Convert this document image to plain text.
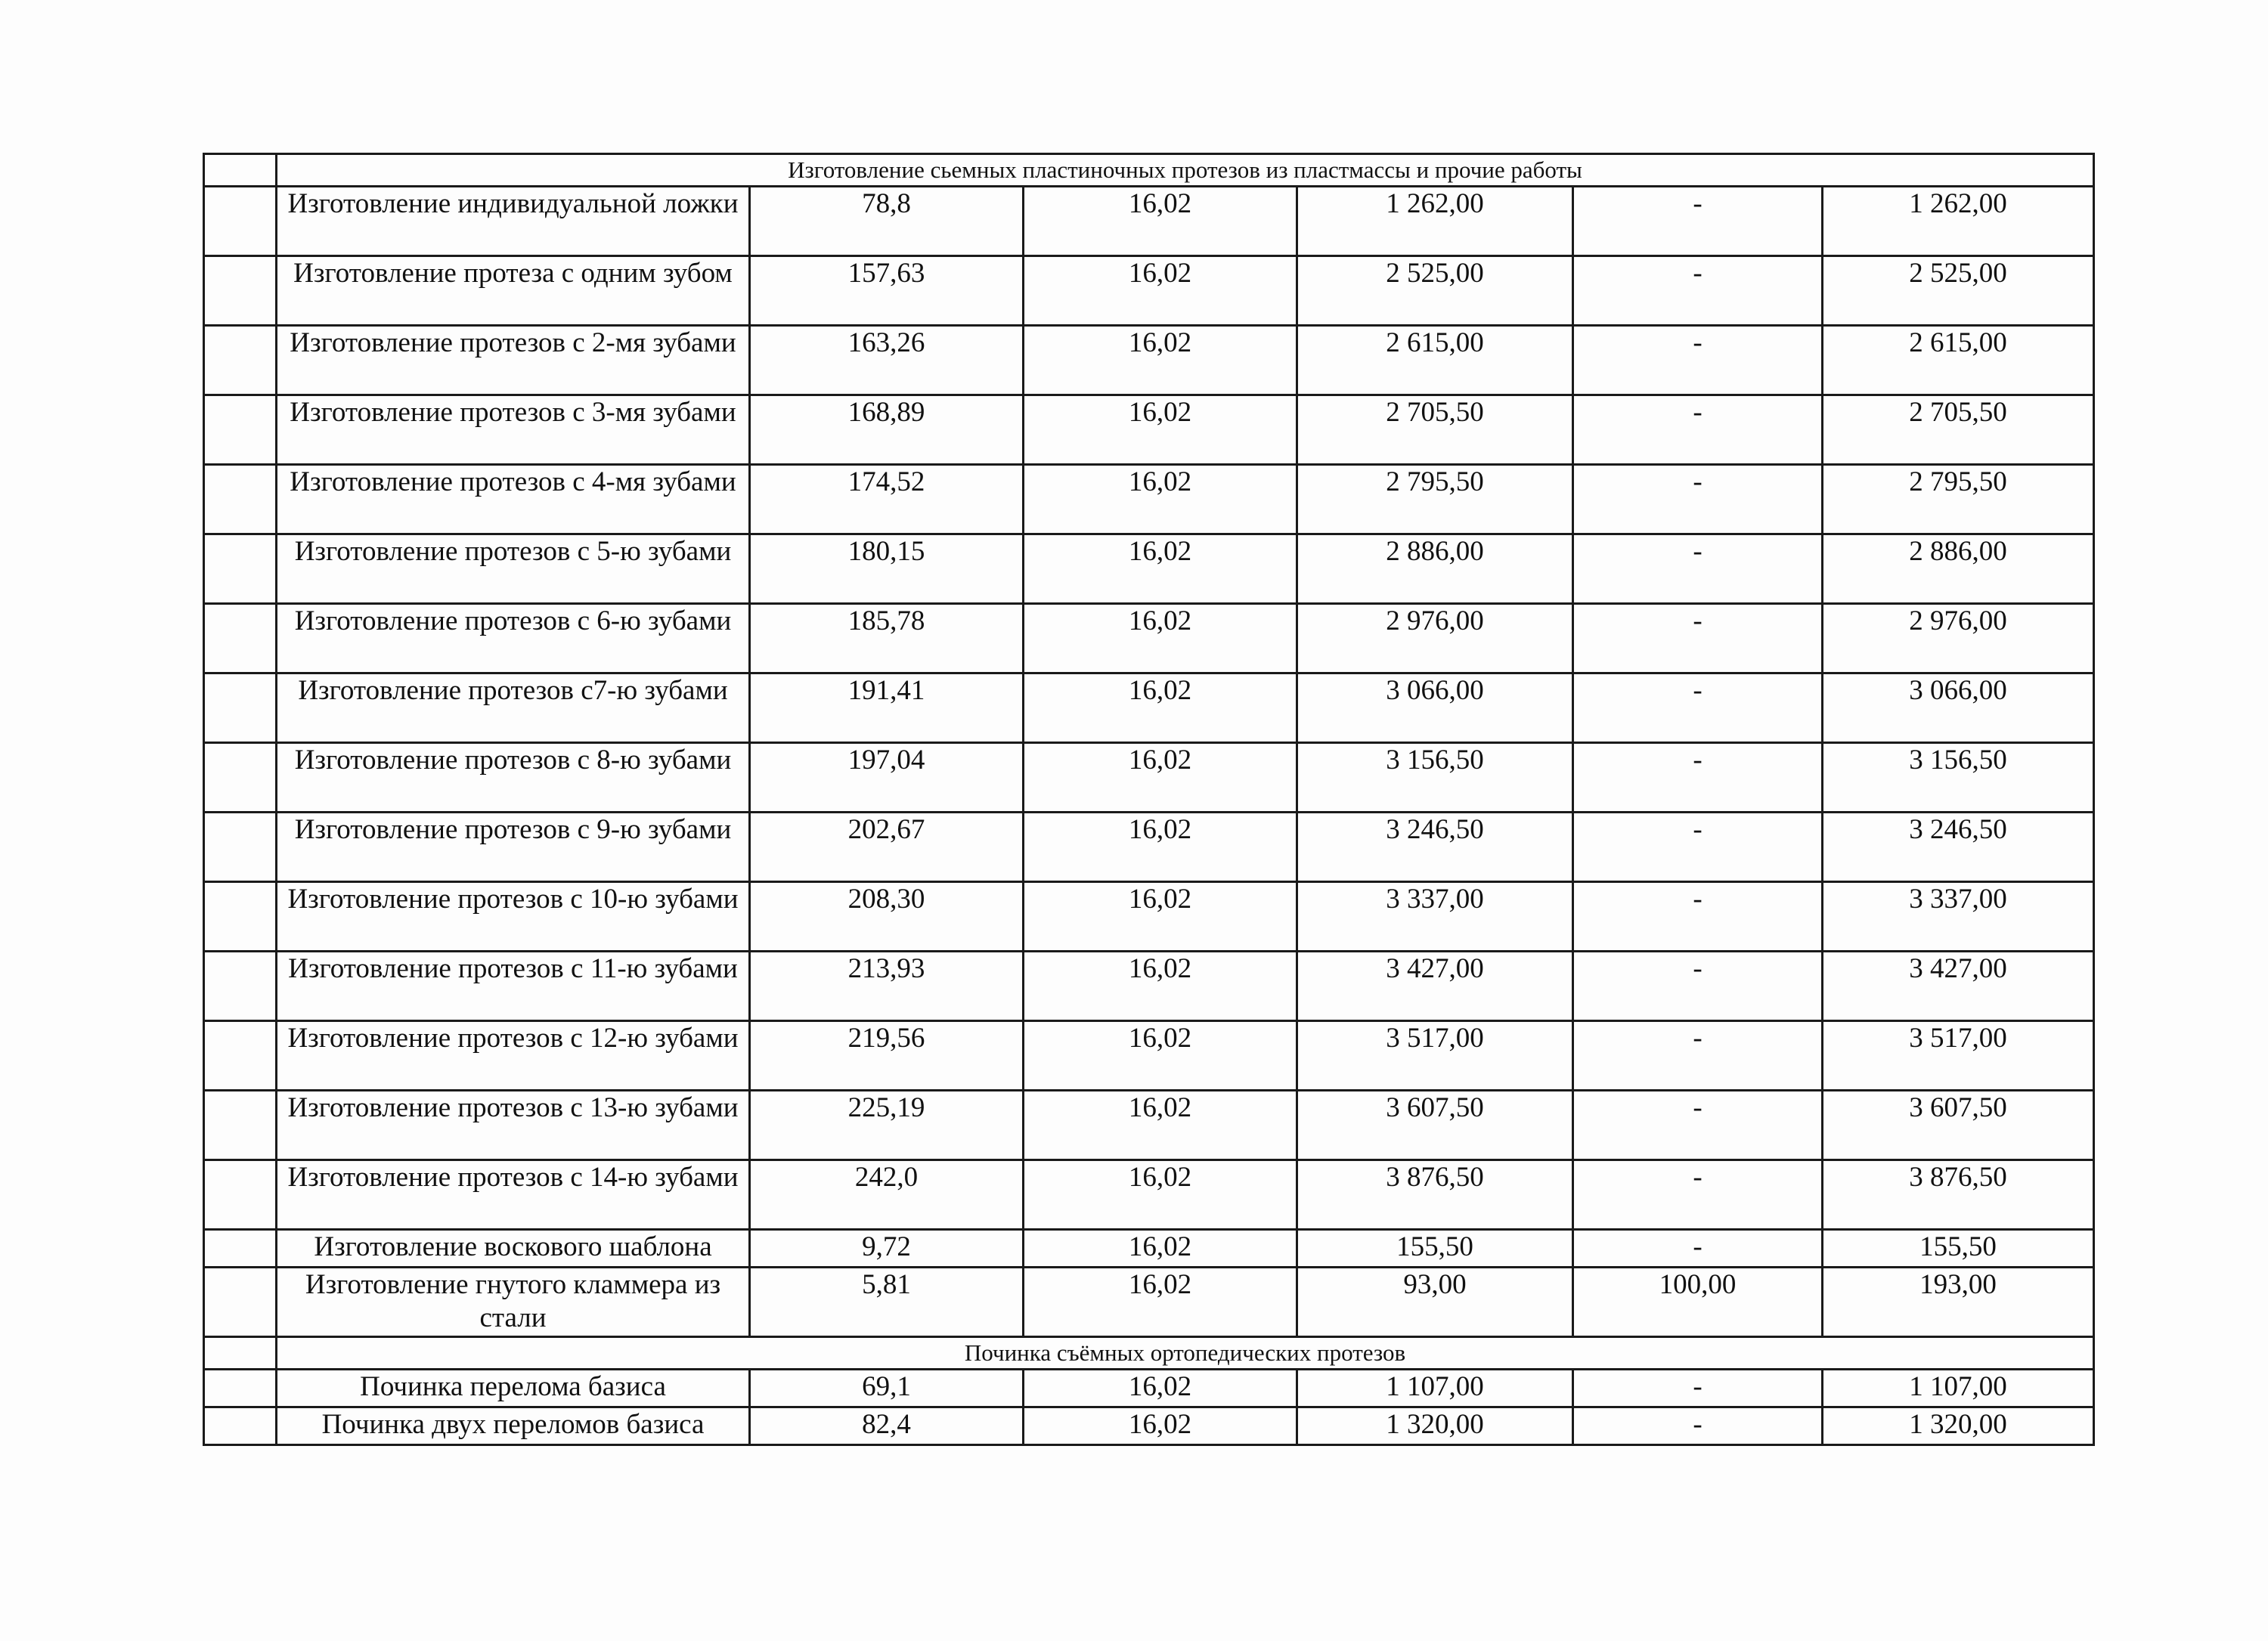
	Изготовление сьемных пластиночных протезов из пластмассы и прочие работы					
	Изготовление индивидуальной ложки	78,8	16,02	1 262,00	-	1 262,00
	Изготовление протеза с одним зубом	157,63	16,02	2 525,00	-	2 525,00
	Изготовление протезов с 2-мя зубами	163,26	16,02	2 615,00	-	2 615,00
	Изготовление протезов с 3-мя зубами	168,89	16,02	2 705,50	-	2 705,50
	Изготовление протезов с 4-мя зубами	174,52	16,02	2 795,50	-	2 795,50
	Изготовление протезов с 5-ю зубами	180,15	16,02	2 886,00	-	2 886,00
	Изготовление протезов с 6-ю зубами	185,78	16,02	2 976,00	-	2 976,00
	Изготовление протезов с7-ю зубами	191,41	16,02	3 066,00	-	3 066,00
	Изготовление протезов с 8-ю зубами	197,04	16,02	3 156,50	-	3 156,50
	Изготовление протезов с 9-ю зубами	202,67	16,02	3 246,50	-	3 246,50
	Изготовление протезов с 10-ю зубами	208,30	16,02	3 337,00	-	3 337,00
	Изготовление протезов с 11-ю зубами	213,93	16,02	3 427,00	-	3 427,00
	Изготовление протезов с 12-ю зубами	219,56	16,02	3 517,00	-	3 517,00
	Изготовление протезов с 13-ю зубами	225,19	16,02	3 607,50	-	3 607,50
	Изготовление протезов с 14-ю зубами	242,0	16,02	3 876,50	-	3 876,50
	Изготовление воскового шаблона	9,72	16,02	155,50	-	155,50
	Изготовление гнутого кламмера из стали	5,81	16,02	93,00	100,00	193,00
	Починка съёмных ортопедических протезов					
	Починка перелома базиса	69,1	16,02	1 107,00	-	1 107,00
	Починка двух переломов базиса	82,4	16,02	1 320,00	-	1 320,00
